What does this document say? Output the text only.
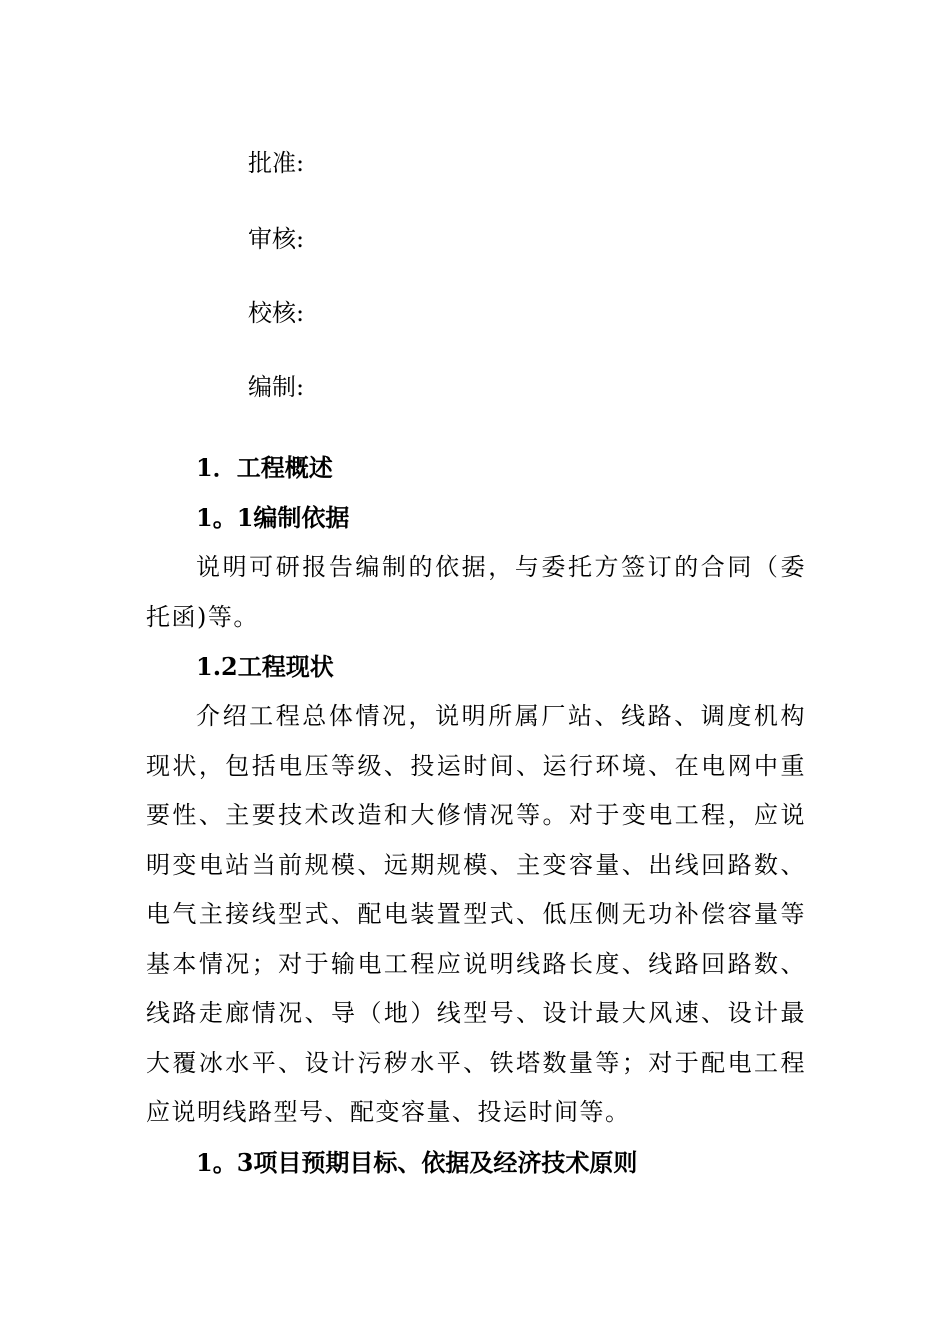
批准:

审核:

校核:

编制:

1．工程概述
1。1编制依据

说明可研报告编制的依据，与委托方签订的合同（委托函)等。

1.2工程现状

介绍工程总体情况，说明所属厂站、线路、调度机构现状，包括电压等级、投运时间、运行环境、在电网中重要性、主要技术改造和大修情况等。对于变电工程，应说明变电站当前规模、远期规模、主变容量、出线回路数、电气主接线型式、配电装置型式、低压侧无功补偿容量等基本情况；对于输电工程应说明线路长度、线路回路数、线路走廊情况、导（地）线型号、设计最大风速、设计最大覆冰水平、设计污秽水平、铁塔数量等；对于配电工程应说明线路型号、配变容量、投运时间等。

1。3项目预期目标、依据及经济技术原则
